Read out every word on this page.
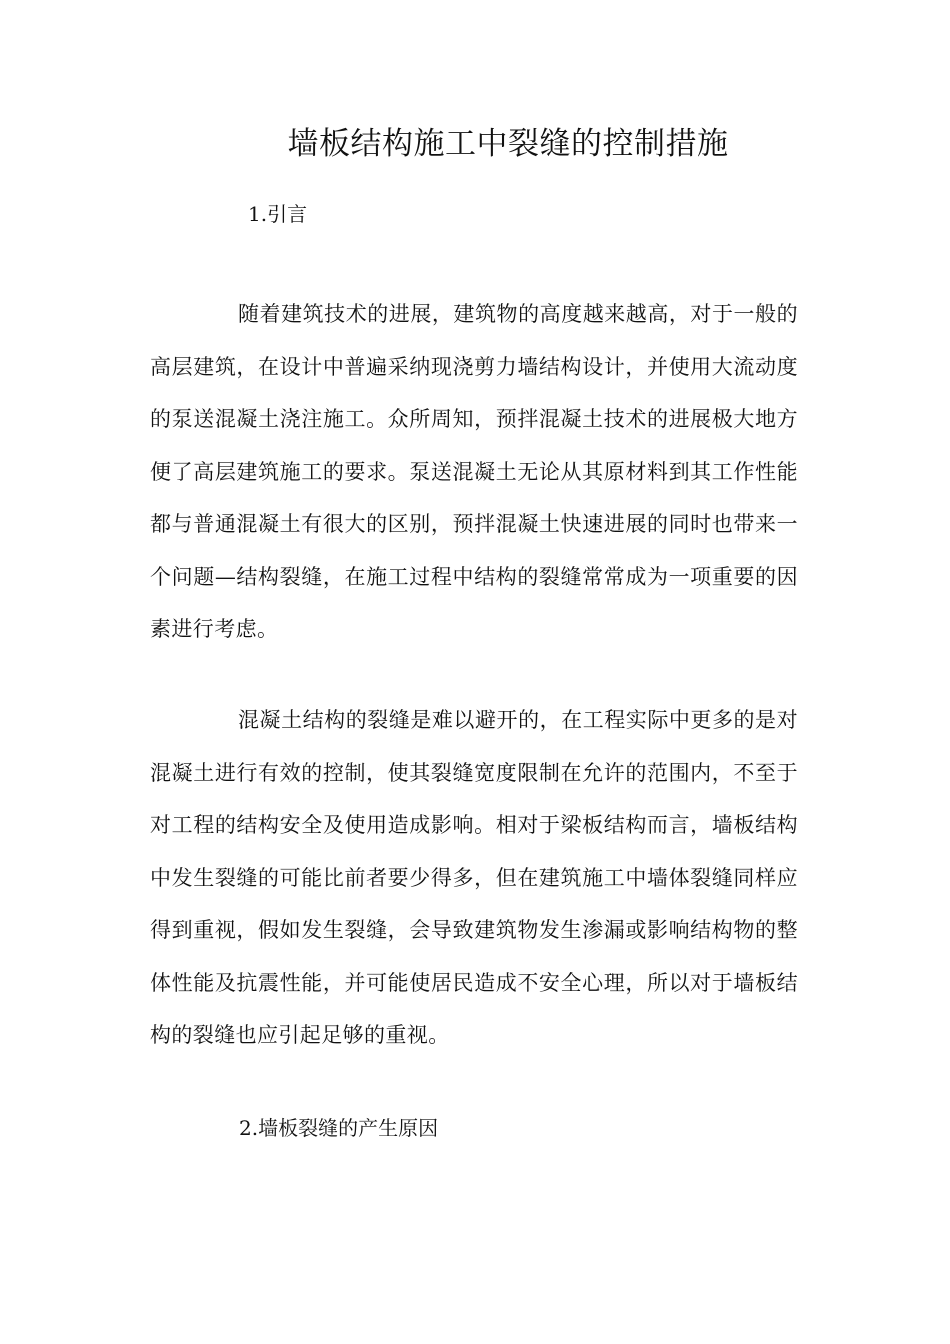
墙板结构施工中裂缝的控制措施
1.引言

随着建筑技术的进展，建筑物的高度越来越高，对于一般的高层建筑，在设计中普遍采纳现浇剪力墙结构设计，并使用大流动度的泵送混凝土浇注施工。众所周知，预拌混凝土技术的进展极大地方便了高层建筑施工的要求。泵送混凝土无论从其原材料到其工作性能都与普通混凝土有很大的区别，预拌混凝土快速进展的同时也带来一个问题—结构裂缝，在施工过程中结构的裂缝常常成为一项重要的因素进行考虑。

混凝土结构的裂缝是难以避开的，在工程实际中更多的是对混凝土进行有效的控制，使其裂缝宽度限制在允许的范围内，不至于对工程的结构安全及使用造成影响。相对于梁板结构而言，墙板结构中发生裂缝的可能比前者要少得多，但在建筑施工中墙体裂缝同样应得到重视，假如发生裂缝，会导致建筑物发生渗漏或影响结构物的整体性能及抗震性能，并可能使居民造成不安全心理，所以对于墙板结构的裂缝也应引起足够的重视。

2.墙板裂缝的产生原因
